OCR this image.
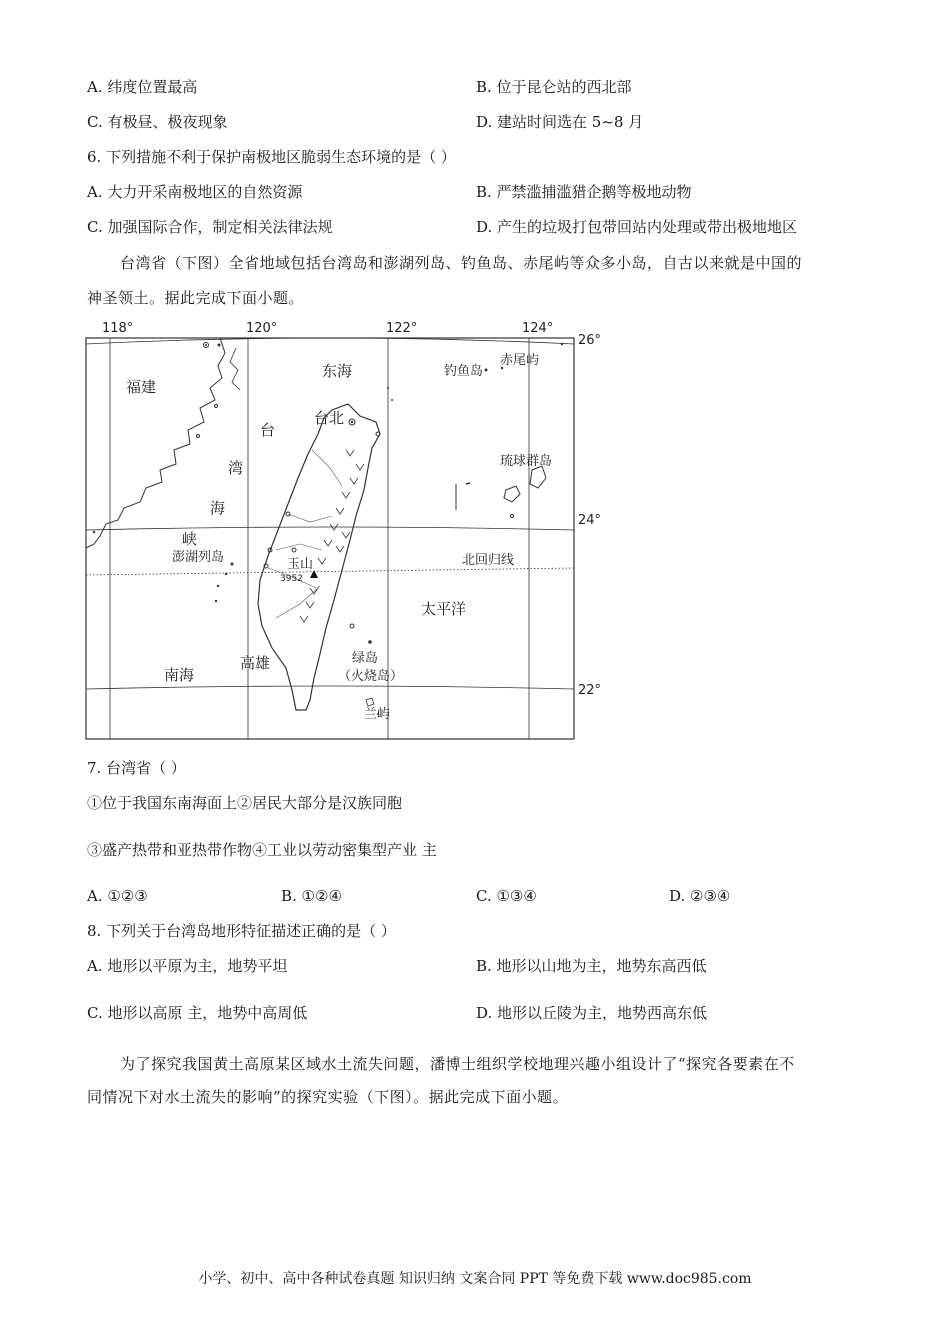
A. 纬度位置最高	B. 位于昆仑站的西北部
C. 有极昼、极夜现象	D. 建站时间选在 5~8 月
6. 下列措施不利于保护南极地区脆弱生态环境的是（ ）
A. 大力开采南极地区的自然资源	B. 严禁滥捕滥猎企鹅等极地动物
C. 加强国际合作，制定相关法律法规	D. 产生的垃圾打包带回站内处理或带出极地地区
台湾省（下图）全省地域包括台湾岛和澎湖列岛、钓鱼岛、赤尾屿等众多小岛，自古以来就是中国的
神圣领土。据此完成下面小题。
118°	120°	122°	124°
26°
24°
22°
福建
东海	钓鱼岛
赤尾屿
台北
琉球群岛
台
湾
海
峡
澎湖列岛	玉山
3952
北回归线
太平洋
南海
高雄	绿岛
（火烧岛）
兰屿
7. 台湾省（ ）
①位于我国东南海面上②居民大部分是汉族同胞
③盛产热带和亚热带作物④工业以劳动密集型产业 主
A. ①②③	B. ①②④	C. ①③④	D. ②③④
8. 下列关于台湾岛地形特征描述正确的是（ ）
A. 地形以平原为主，地势平坦	B. 地形以山地为主，地势东高西低
C. 地形以高原 主，地势中高周低	D. 地形以丘陵为主，地势西高东低
为了探究我国黄土高原某区域水土流失问题，潘博士组织学校地理兴趣小组设计了“探究各要素在不
同情况下对水土流失的影响”的探究实验（下图）。据此完成下面小题。
小学、初中、高中各种试卷真题 知识归纳 文案合同 PPT 等免费下载 www.doc985.com
